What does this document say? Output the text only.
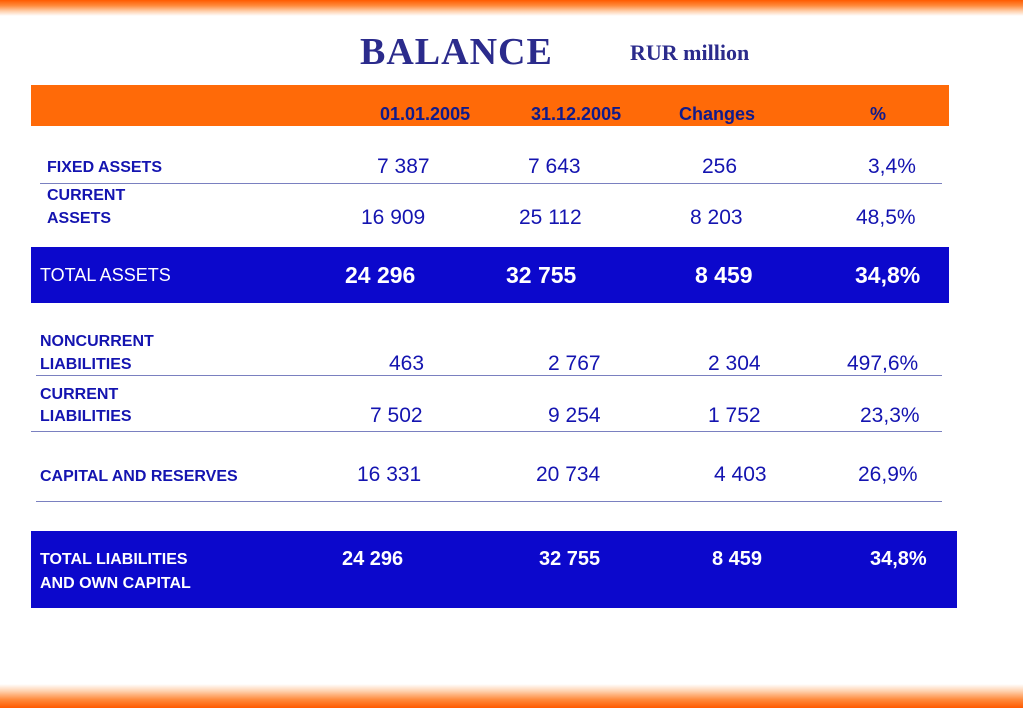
BALANCE	RUR million
01.01.2005	31.12.2005	Changes	%
FIXED ASSETS	7 387	7 643	256	3,4%
CURRENT
ASSETS	16 909	25 112	8 203	48,5%
TOTAL ASSETS	24 296	32 755	8 459	34,8%
NONCURRENT
LIABILITIES	463	2 767	2 304	497,6%
CURRENT
LIABILITIES	7 502	9 254	1 752	23,3%
CAPITAL AND RESERVES	16 331	20 734	4 403	26,9%
TOTAL LIABILITIES
AND OWN CAPITAL
24 296	32 755	8 459	34,8%
